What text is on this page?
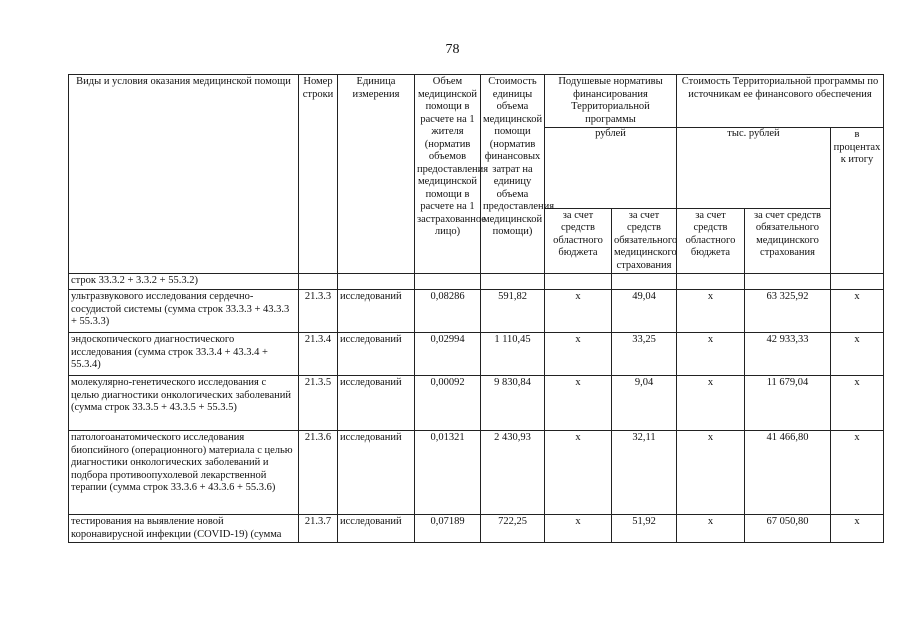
78
Виды и условия оказания медицинской помощи	Номер строки	Единица измерения	Объем медицинской помощи в расчете на 1 жителя (норматив объемов предоставления медицинской помощи в расчете на 1 застрахованное лицо)	Стоимость единицы объема медицинской помощи (норматив финансовых затрат на единицу объема предоставления медицинской помощи)	Подушевые нормативы финансирования Территориальной программы		Стоимость Территориальной программы по источникам ее финансового обеспечения		
					рублей		тыс. рублей		в процентах к итогу
					за счет средств областного бюджета	за счет средств обязательного медицинского страхования	за счет средств областного бюджета	за счет средств обязательного медицинского страхования	
строк 33.3.2 + 3.3.2 + 55.3.2)									
ультразвукового исследования сердечно-сосудистой системы (сумма строк 33.3.3 + 43.3.3 + 55.3.3)	21.3.3	исследований	0,08286	591,82	х	49,04	х	63 325,92	х
эндоскопического диагностического исследования (сумма строк 33.3.4 + 43.3.4 + 55.3.4)	21.3.4	исследований	0,02994	1 110,45	х	33,25	х	42 933,33	х
молекулярно-генетического исследования с целью диагностики онкологических заболеваний (сумма строк 33.3.5 + 43.3.5 + 55.3.5)	21.3.5	исследований	0,00092	9 830,84	х	9,04	х	11 679,04	х
патологоанатомического исследования биопсийного (операционного) материала с целью диагностики онкологических заболеваний и подбора противоопухолевой лекарственной терапии (сумма строк 33.3.6 + 43.3.6 + 55.3.6)	21.3.6	исследований	0,01321	2 430,93	х	32,11	х	41 466,80	х
тестирования на выявление новой коронавирусной инфекции (COVID-19) (сумма	21.3.7	исследований	0,07189	722,25	х	51,92	х	67 050,80	х
